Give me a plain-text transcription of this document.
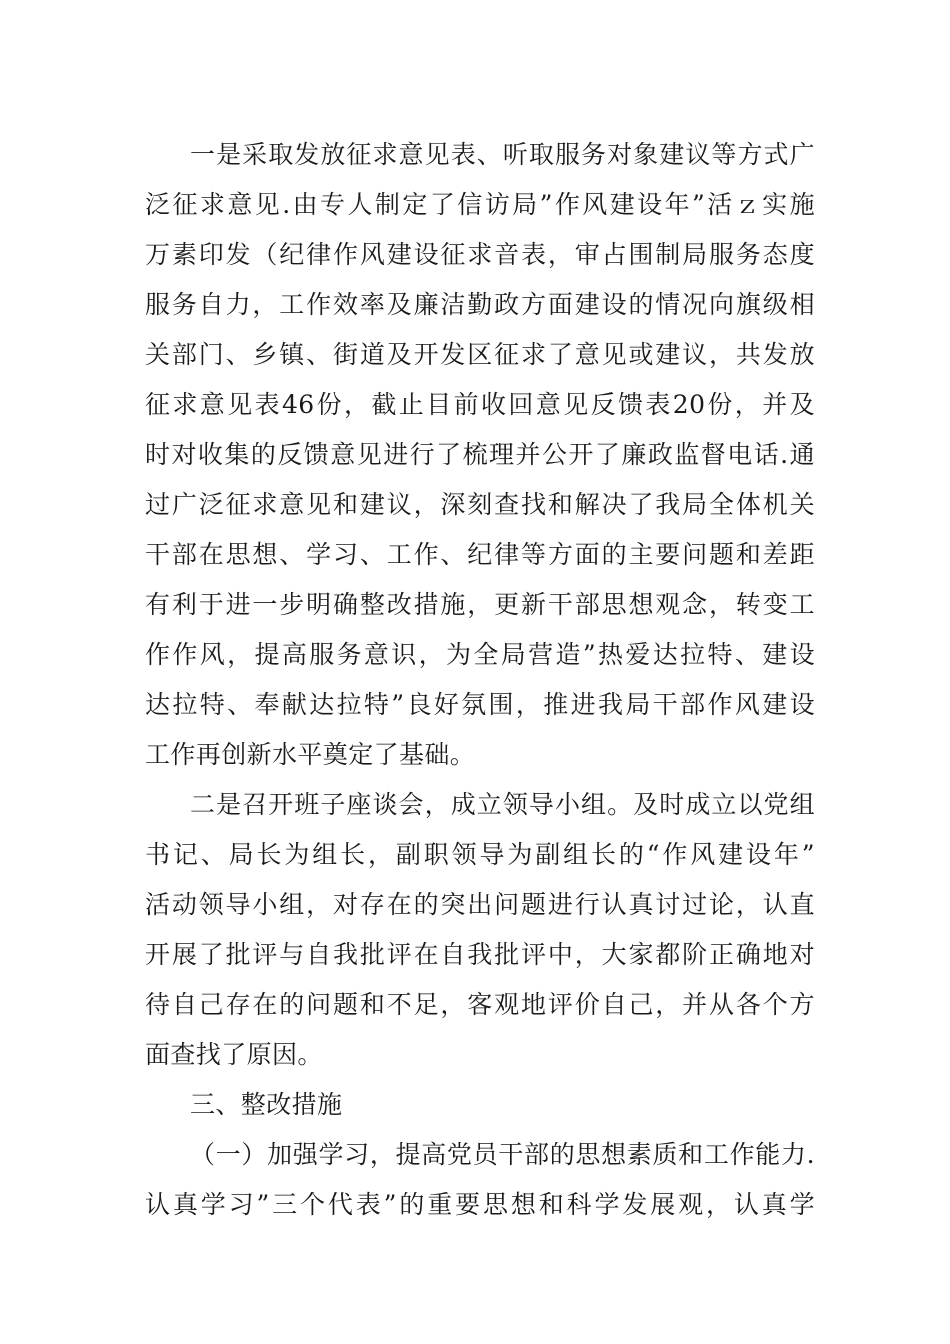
一是采取发放征求意见表、听取服务对象建议等方式广
泛征求意见.由专人制定了信访局”作风建设年”活ｚ实施
万素印发（纪律作风建设征求音表，审占围制局服务态度
服务自力，工作效率及廉洁勤政方面建设的情况向旗级相
关部门、乡镇、街道及开发区征求了意见或建议，共发放
征求意见表46份，截止目前收回意见反馈表20份，并及
时对收集的反馈意见进行了梳理并公开了廉政监督电话.通
过广泛征求意见和建议，深刻查找和解决了我局全体机关
干部在思想、学习、工作、纪律等方面的主要问题和差距
有利于进一步明确整改措施，更新干部思想观念，转变工
作作风，提高服务意识，为全局营造”热爱达拉特、建设
达拉特、奉献达拉特”良好氛围，推进我局干部作风建设
工作再创新水平奠定了基础。
二是召开班子座谈会，成立领导小组。及时成立以党组
书记、局长为组长，副职领导为副组长的“作风建设年”
活动领导小组，对存在的突出问题进行认真讨过论，认直
开展了批评与自我批评在自我批评中，大家都阶正确地对
待自己存在的问题和不足，客观地评价自己，并从各个方
面查找了原因。
三、整改措施
（一）加强学习，提高党员干部的思想素质和工作能力.
认真学习”三个代表”的重要思想和科学发展观，认真学
